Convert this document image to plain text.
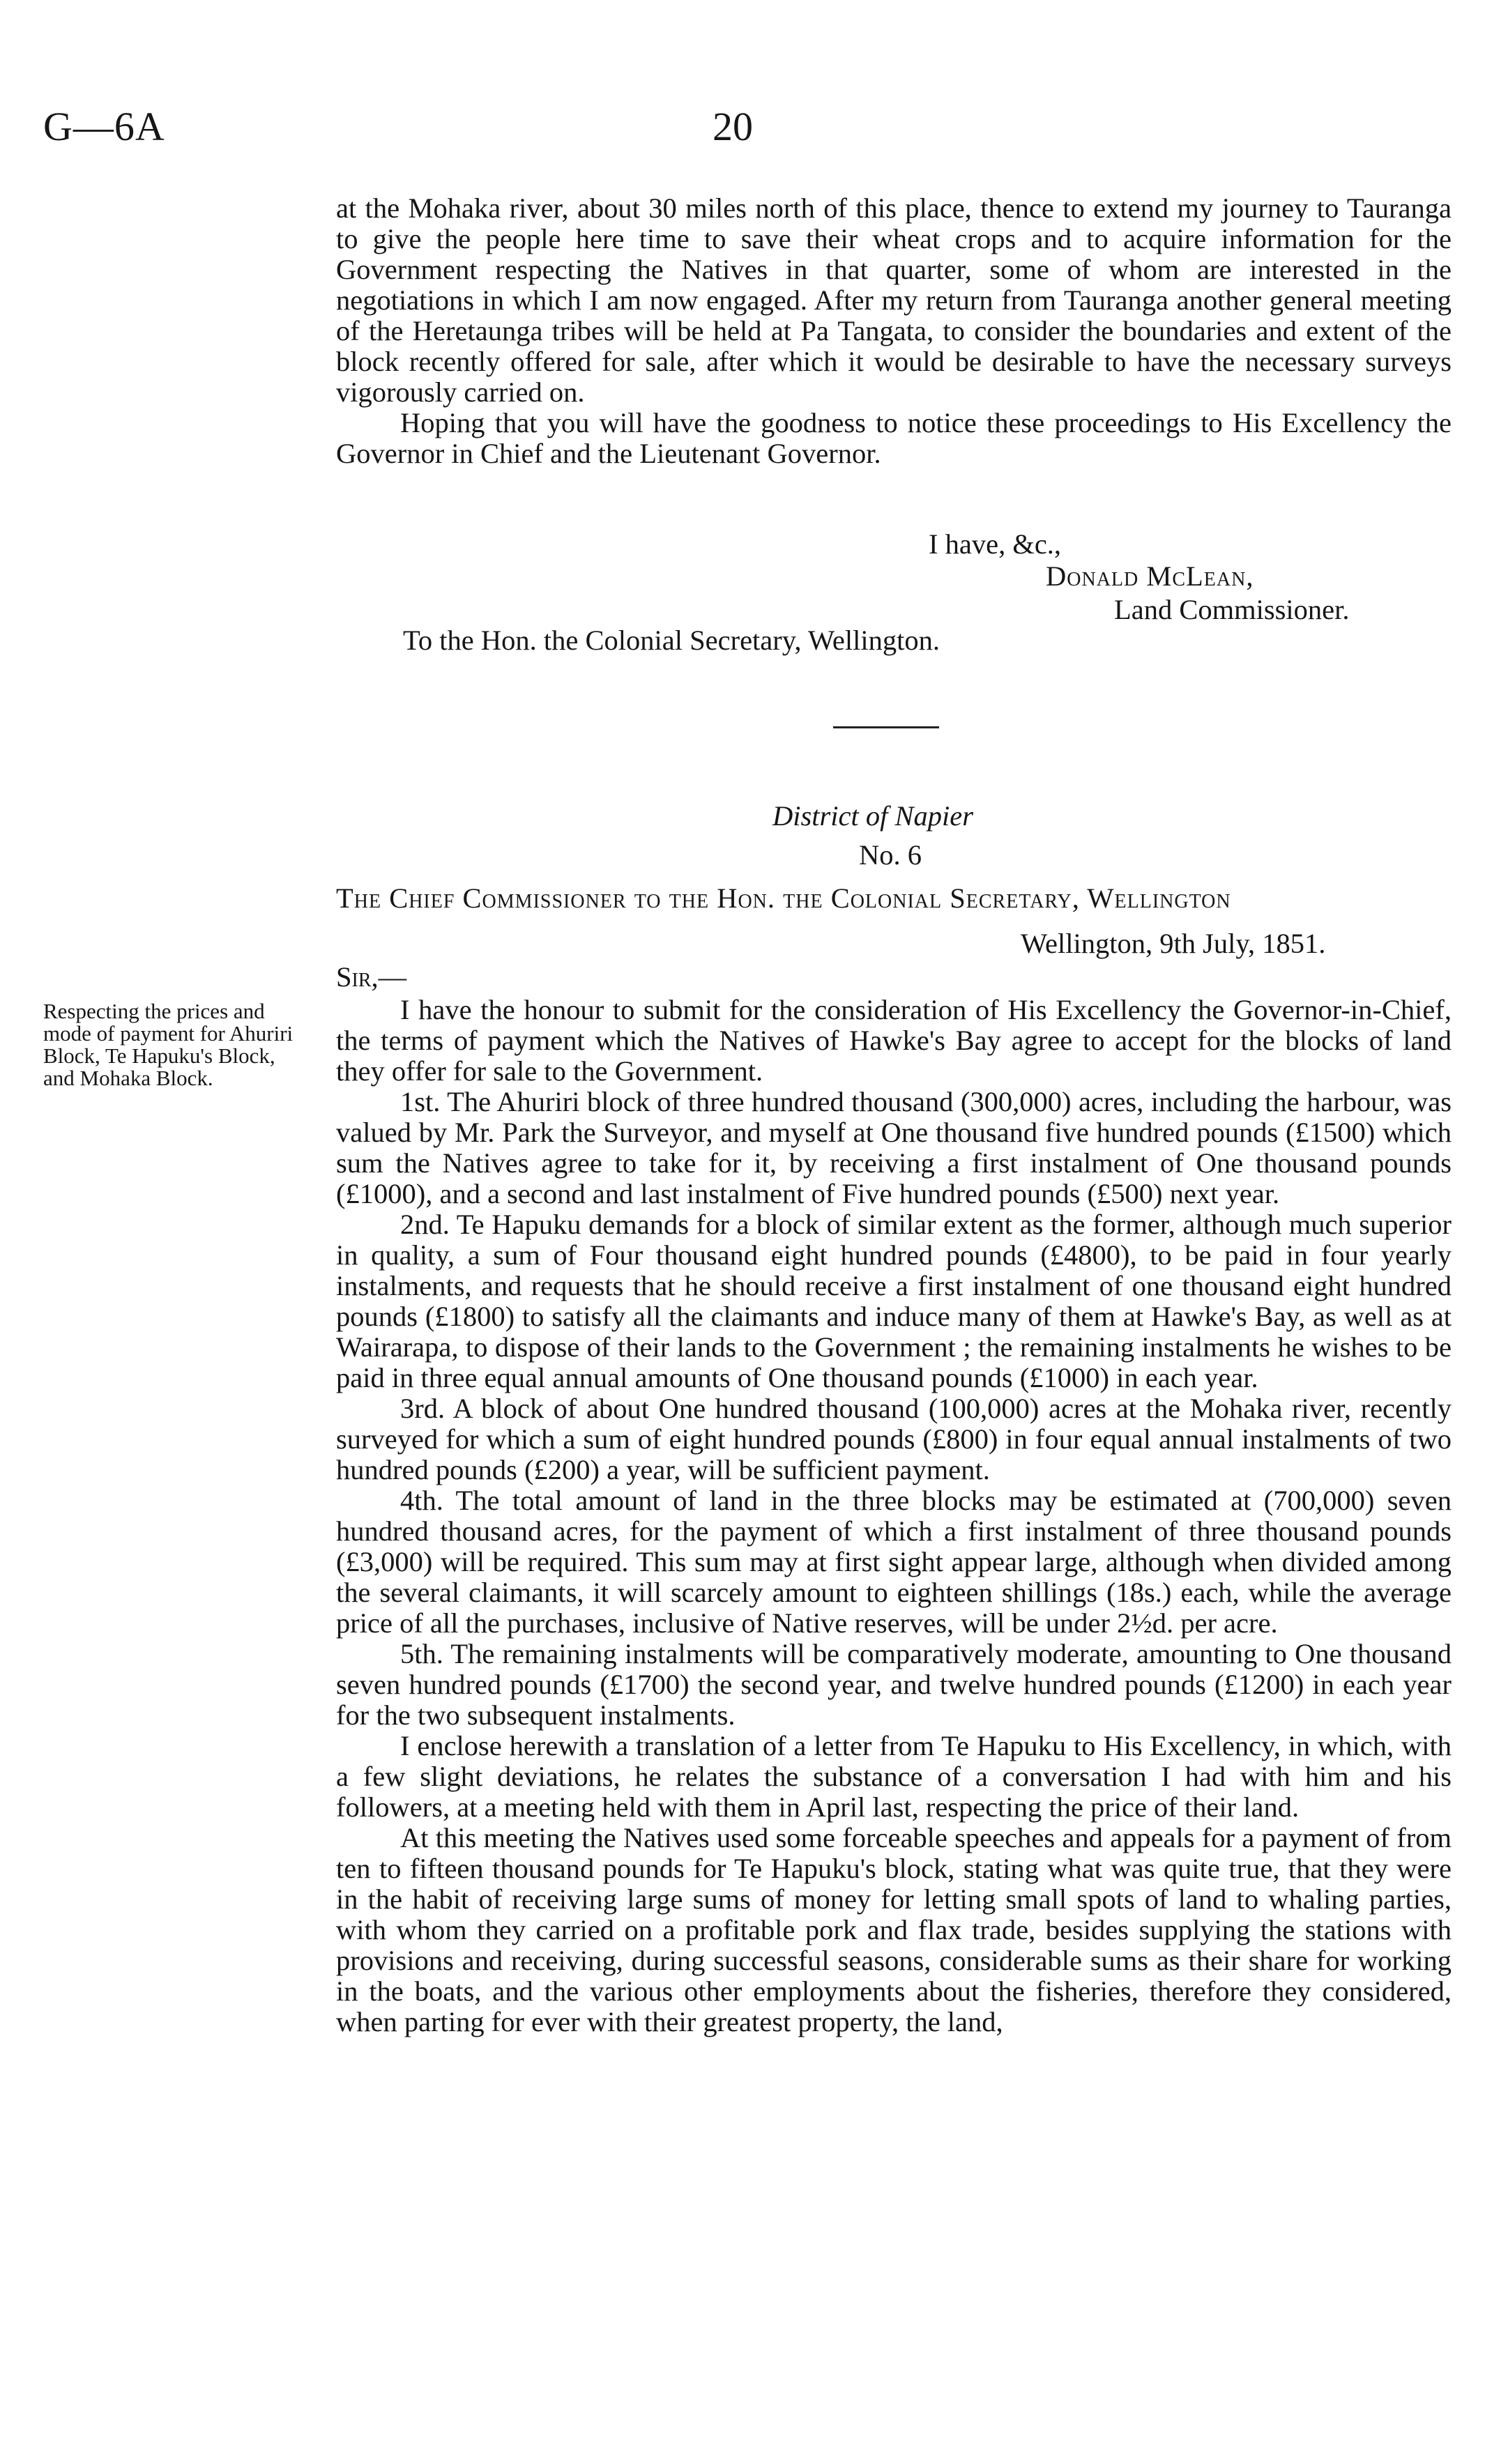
G—6A	20

at the Mohaka river, about 30 miles north of this place, thence to extend my journey to Tauranga to give the people here time to save their wheat crops and to acquire information for the Government respecting the Natives in that quarter, some of whom are interested in the negotiations in which I am now engaged. After my return from Tauranga another general meeting of the Heretaunga tribes will be held at Pa Tangata, to consider the boundaries and extent of the block recently offered for sale, after which it would be desirable to have the necessary surveys vigorously carried on.

Hoping that you will have the goodness to notice these proceedings to His Excellency the Governor in Chief and the Lieutenant Governor.

I have, &c.,
Donald McLean,
Land Commissioner.
To the Hon. the Colonial Secretary, Wellington.
District of Napier
No. 6
The Chief Commissioner to the Hon. the Colonial Secretary, Wellington
Wellington, 9th July, 1851.
Sir,—
Respecting the prices and mode of payment for Ahuriri Block, Te Hapuku's Block, and Mohaka Block.

I have the honour to submit for the consideration of His Excellency the Governor-in-Chief, the terms of payment which the Natives of Hawke's Bay agree to accept for the blocks of land they offer for sale to the Government.

1st. The Ahuriri block of three hundred thousand (300,000) acres, including the harbour, was valued by Mr. Park the Surveyor, and myself at One thousand five hundred pounds (£1500) which sum the Natives agree to take for it, by receiving a first instalment of One thousand pounds (£1000), and a second and last instalment of Five hundred pounds (£500) next year.

2nd. Te Hapuku demands for a block of similar extent as the former, although much superior in quality, a sum of Four thousand eight hundred pounds (£4800), to be paid in four yearly instalments, and requests that he should receive a first instalment of one thousand eight hundred pounds (£1800) to satisfy all the claimants and induce many of them at Hawke's Bay, as well as at Wairarapa, to dispose of their lands to the Government ; the remaining instalments he wishes to be paid in three equal annual amounts of One thousand pounds (£1000) in each year.

3rd. A block of about One hundred thousand (100,000) acres at the Mohaka river, recently surveyed for which a sum of eight hundred pounds (£800) in four equal annual instalments of two hundred pounds (£200) a year, will be sufficient payment.

4th. The total amount of land in the three blocks may be estimated at (700,000) seven hundred thousand acres, for the payment of which a first instalment of three thousand pounds (£3,000) will be required. This sum may at first sight appear large, although when divided among the several claimants, it will scarcely amount to eighteen shillings (18s.) each, while the average price of all the purchases, inclusive of Native reserves, will be under 2½d. per acre.

5th. The remaining instalments will be comparatively moderate, amounting to One thousand seven hundred pounds (£1700) the second year, and twelve hundred pounds (£1200) in each year for the two subsequent instalments.

I enclose herewith a translation of a letter from Te Hapuku to His Excellency, in which, with a few slight deviations, he relates the substance of a conversation I had with him and his followers, at a meeting held with them in April last, respecting the price of their land.

At this meeting the Natives used some forceable speeches and appeals for a payment of from ten to fifteen thousand pounds for Te Hapuku's block, stating what was quite true, that they were in the habit of receiving large sums of money for letting small spots of land to whaling parties, with whom they carried on a profitable pork and flax trade, besides supplying the stations with provisions and receiving, during successful seasons, considerable sums as their share for working in the boats, and the various other employments about the fisheries, therefore they considered, when parting for ever with their greatest property, the land,
